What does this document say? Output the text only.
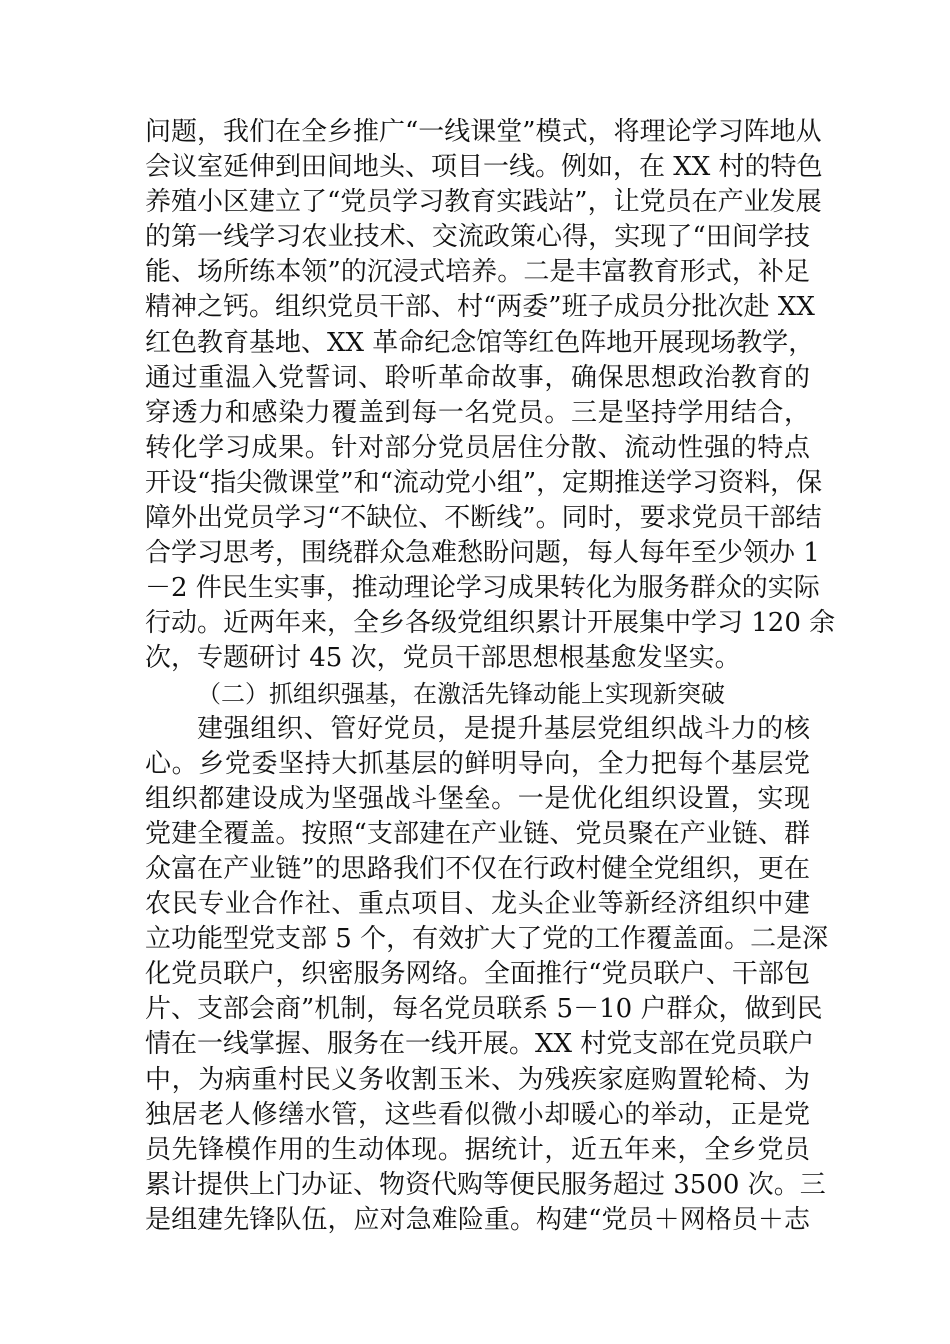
问题，我们在全乡推广“一线课堂”模式，将理论学习阵地从
会议室延伸到田间地头、项目一线。例如，在 XX 村的特色
养殖小区建立了“党员学习教育实践站”，让党员在产业发展
的第一线学习农业技术、交流政策心得，实现了“田间学技
能、场所练本领”的沉浸式培养。二是丰富教育形式，补足
精神之钙。组织党员干部、村“两委”班子成员分批次赴 XX
红色教育基地、XX 革命纪念馆等红色阵地开展现场教学，
通过重温入党誓词、聆听革命故事，确保思想政治教育的
穿透力和感染力覆盖到每一名党员。三是坚持学用结合，
转化学习成果。针对部分党员居住分散、流动性强的特点
开设“指尖微课堂”和“流动党小组”，定期推送学习资料，保
障外出党员学习“不缺位、不断线”。同时，要求党员干部结
合学习思考，围绕群众急难愁盼问题，每人每年至少领办 1
－2 件民生实事，推动理论学习成果转化为服务群众的实际
行动。近两年来，全乡各级党组织累计开展集中学习 120 余
次，专题研讨 45 次，党员干部思想根基愈发坚实。
（二）抓组织强基，在激活先锋动能上实现新突破
建强组织、管好党员，是提升基层党组织战斗力的核
心。乡党委坚持大抓基层的鲜明导向，全力把每个基层党
组织都建设成为坚强战斗堡垒。一是优化组织设置，实现
党建全覆盖。按照“支部建在产业链、党员聚在产业链、群
众富在产业链”的思路我们不仅在行政村健全党组织，更在
农民专业合作社、重点项目、龙头企业等新经济组织中建
立功能型党支部 5 个，有效扩大了党的工作覆盖面。二是深
化党员联户，织密服务网络。全面推行“党员联户、干部包
片、支部会商”机制，每名党员联系 5－10 户群众，做到民
情在一线掌握、服务在一线开展。XX 村党支部在党员联户
中，为病重村民义务收割玉米、为残疾家庭购置轮椅、为
独居老人修缮水管，这些看似微小却暖心的举动，正是党
员先锋模作用的生动体现。据统计，近五年来，全乡党员
累计提供上门办证、物资代购等便民服务超过 3500 次。三
是组建先锋队伍，应对急难险重。构建“党员＋网格员＋志
